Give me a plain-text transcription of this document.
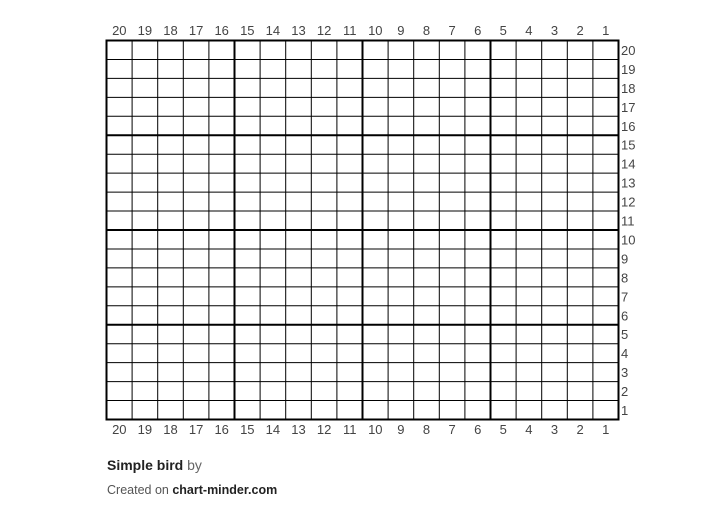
20
20
19
19
18
18
17
17
16
16
15
15
14
14
13
13
12
12
11
11
10
10
9
9
8
8
7
7
6
6
5
5
4
4
3
3
2
2
1
1
20
19
18
17
16
15
14
13
12
11
10
9
8
7
6
5
4
3
2
1
Simple bird by
Created on chart-minder.com
